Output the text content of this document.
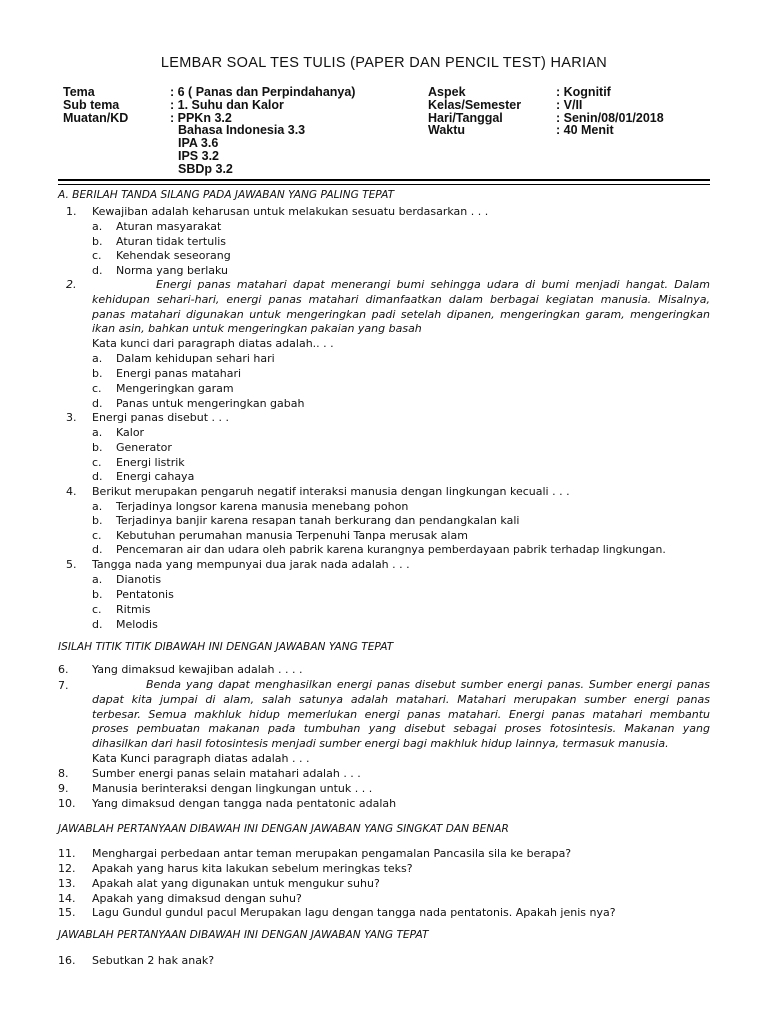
LEMBAR SOAL TES TULIS (PAPER DAN PENCIL TEST) HARIAN
Tema
Sub tema
Muatan/KD
: 6 ( Panas dan Perpindahanya)
: 1. Suhu dan Kalor
: PPKn 3.2
Bahasa Indonesia 3.3
IPA 3.6
IPS 3.2
SBDp 3.2
Aspek
Kelas/Semester
Hari/Tanggal
Waktu
: Kognitif
: V/II
: Senin/08/01/2018
: 40 Menit
A. BERILAH TANDA SILANG PADA JAWABAN YANG PALING TEPAT
1. Kewajiban adalah keharusan untuk melakukan sesuatu berdasarkan . . .
a. Aturan masyarakat
b. Aturan tidak tertulis
c. Kehendak seseorang
d. Norma yang berlaku
2.	Energi panas matahari dapat menerangi bumi sehingga udara di bumi menjadi hangat. Dalam
kehidupan sehari-hari, energi panas matahari dimanfaatkan dalam berbagai kegiatan manusia. Misalnya,
panas matahari digunakan untuk mengeringkan padi setelah dipanen, mengeringkan garam, mengeringkan
ikan asin, bahkan untuk mengeringkan pakaian yang basah
Kata kunci dari paragraph diatas adalah.. . .
a. Dalam kehidupan sehari hari
b. Energi panas matahari
c. Mengeringkan garam
d. Panas untuk mengeringkan gabah
3. Energi panas disebut . . .
a. Kalor
b. Generator
c. Energi listrik
d. Energi cahaya
4. Berikut merupakan pengaruh negatif interaksi manusia dengan lingkungan kecuali . . .
a. Terjadinya longsor karena manusia menebang pohon
b. Terjadinya banjir karena resapan tanah berkurang dan pendangkalan kali
c. Kebutuhan perumahan manusia Terpenuhi Tanpa merusak alam
d. Pencemaran air dan udara oleh pabrik karena kurangnya pemberdayaan pabrik terhadap lingkungan.
5. Tangga nada yang mempunyai dua jarak nada adalah . . .
a. Dianotis
b. Pentatonis
c. Ritmis
d. Melodis
ISILAH TITIK TITIK DIBAWAH INI DENGAN JAWABAN YANG TEPAT
6. Yang dimaksud kewajiban adalah . . . .
7.	Benda yang dapat menghasilkan energi panas disebut sumber energi panas. Sumber energi panas
dapat kita jumpai di alam, salah satunya adalah matahari. Matahari merupakan sumber energi panas
terbesar. Semua makhluk hidup memerlukan energi panas matahari. Energi panas matahari membantu
proses pembuatan makanan pada tumbuhan yang disebut sebagai proses fotosintesis. Makanan yang
dihasilkan dari hasil fotosintesis menjadi sumber energi bagi makhluk hidup lainnya, termasuk manusia.
Kata Kunci paragraph diatas adalah . . .
8. Sumber energi panas selain matahari adalah . . .
9. Manusia berinteraksi dengan lingkungan untuk . . .
10. Yang dimaksud dengan tangga nada pentatonic adalah
JAWABLAH PERTANYAAN DIBAWAH INI DENGAN JAWABAN YANG SINGKAT DAN BENAR
11. Menghargai perbedaan antar teman merupakan pengamalan Pancasila sila ke berapa?
12. Apakah yang harus kita lakukan sebelum meringkas teks?
13. Apakah alat yang digunakan untuk mengukur suhu?
14. Apakah yang dimaksud dengan suhu?
15. Lagu Gundul gundul pacul Merupakan lagu dengan tangga nada pentatonis. Apakah jenis nya?
JAWABLAH PERTANYAAN DIBAWAH INI DENGAN JAWABAN YANG TEPAT
16. Sebutkan 2 hak anak?
